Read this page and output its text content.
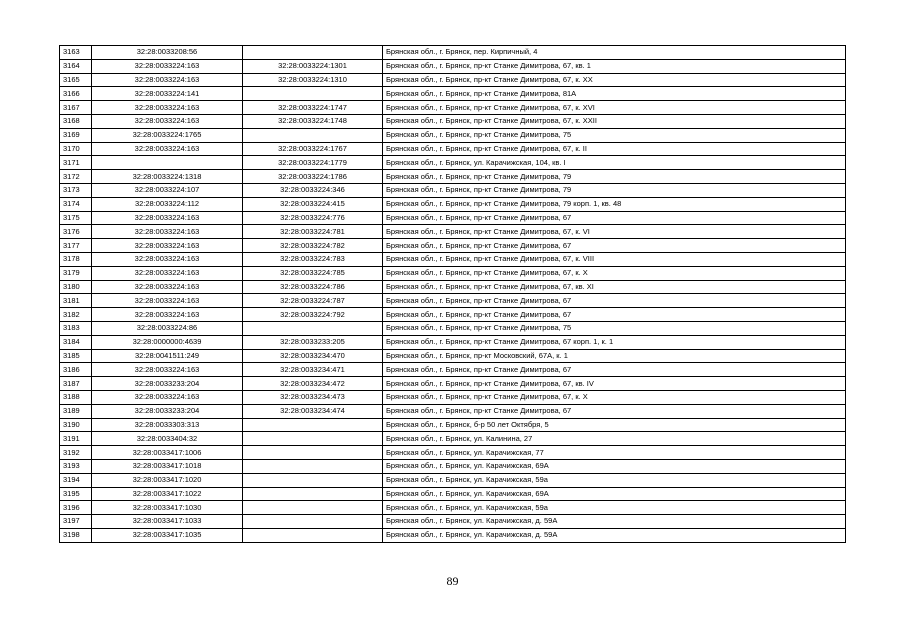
3163	32:28:0033208:56		Брянская обл., г. Брянск, пер. Кирпичный, 4
3164	32:28:0033224:163	32:28:0033224:1301	Брянская обл., г. Брянск, пр-кт Станке Димитрова, 67, кв. 1
3165	32:28:0033224:163	32:28:0033224:1310	Брянская обл., г. Брянск, пр-кт Станке Димитрова, 67, к. XX
3166	32:28:0033224:141		Брянская обл., г. Брянск, пр-кт Станке Димитрова, 81А
3167	32:28:0033224:163	32:28:0033224:1747	Брянская обл., г. Брянск, пр-кт Станке Димитрова, 67, к. XVI
3168	32:28:0033224:163	32:28:0033224:1748	Брянская обл., г. Брянск, пр-кт Станке Димитрова, 67, к. XXII
3169	32:28:0033224:1765		Брянская обл., г. Брянск, пр-кт Станке Димитрова, 75
3170	32:28:0033224:163	32:28:0033224:1767	Брянская обл., г. Брянск, пр-кт Станке Димитрова, 67, к. II
3171		32:28:0033224:1779	Брянская обл., г. Брянск, ул. Карачижская, 104, кв. I
3172	32:28:0033224:1318	32:28:0033224:1786	Брянская обл., г. Брянск, пр-кт Станке Димитрова, 79
3173	32:28:0033224:107	32:28:0033224:346	Брянская обл., г. Брянск, пр-кт Станке Димитрова, 79
3174	32:28:0033224:112	32:28:0033224:415	Брянская обл., г. Брянск, пр-кт Станке Димитрова, 79 корп. 1, кв. 48
3175	32:28:0033224:163	32:28:0033224:776	Брянская обл., г. Брянск, пр-кт Станке Димитрова, 67
3176	32:28:0033224:163	32:28:0033224:781	Брянская обл., г. Брянск, пр-кт Станке Димитрова, 67, к. VI
3177	32:28:0033224:163	32:28:0033224:782	Брянская обл., г. Брянск, пр-кт Станке Димитрова, 67
3178	32:28:0033224:163	32:28:0033224:783	Брянская обл., г. Брянск, пр-кт Станке Димитрова, 67, к. VIII
3179	32:28:0033224:163	32:28:0033224:785	Брянская обл., г. Брянск, пр-кт Станке Димитрова, 67, к. X
3180	32:28:0033224:163	32:28:0033224:786	Брянская обл., г. Брянск, пр-кт Станке Димитрова, 67, кв. XI
3181	32:28:0033224:163	32:28:0033224:787	Брянская обл., г. Брянск, пр-кт Станке Димитрова, 67
3182	32:28:0033224:163	32:28:0033224:792	Брянская обл., г. Брянск, пр-кт Станке Димитрова, 67
3183	32:28:0033224:86		Брянская обл., г. Брянск, пр-кт Станке Димитрова, 75
3184	32:28:0000000:4639	32:28:0033233:205	Брянская обл., г. Брянск, пр-кт Станке Димитрова, 67 корп. 1, к. 1
3185	32:28:0041511:249	32:28:0033234:470	Брянская обл., г. Брянск, пр-кт Московский, 67А, к. 1
3186	32:28:0033224:163	32:28:0033234:471	Брянская обл., г. Брянск, пр-кт Станке Димитрова, 67
3187	32:28:0033233:204	32:28:0033234:472	Брянская обл., г. Брянск, пр-кт Станке Димитрова, 67, кв. IV
3188	32:28:0033224:163	32:28:0033234:473	Брянская обл., г. Брянск, пр-кт Станке Димитрова, 67, к. X
3189	32:28:0033233:204	32:28:0033234:474	Брянская обл., г. Брянск, пр-кт Станке Димитрова, 67
3190	32:28:0033303:313		Брянская обл., г. Брянск, б-р 50 лет Октября, 5
3191	32:28:0033404:32		Брянская обл., г. Брянск, ул. Калинина, 27
3192	32:28:0033417:1006		Брянская обл., г. Брянск, ул. Карачижская, 77
3193	32:28:0033417:1018		Брянская обл., г. Брянск, ул. Карачижская, 69А
3194	32:28:0033417:1020		Брянская обл., г. Брянск, ул. Карачижская, 59а
3195	32:28:0033417:1022		Брянская обл., г. Брянск, ул. Карачижская, 69А
3196	32:28:0033417:1030		Брянская обл., г. Брянск, ул. Карачижская, 59а
3197	32:28:0033417:1033		Брянская обл., г. Брянск, ул. Карачижская, д. 59А
3198	32:28:0033417:1035		Брянская обл., г. Брянск, ул. Карачижская, д. 59А
89
